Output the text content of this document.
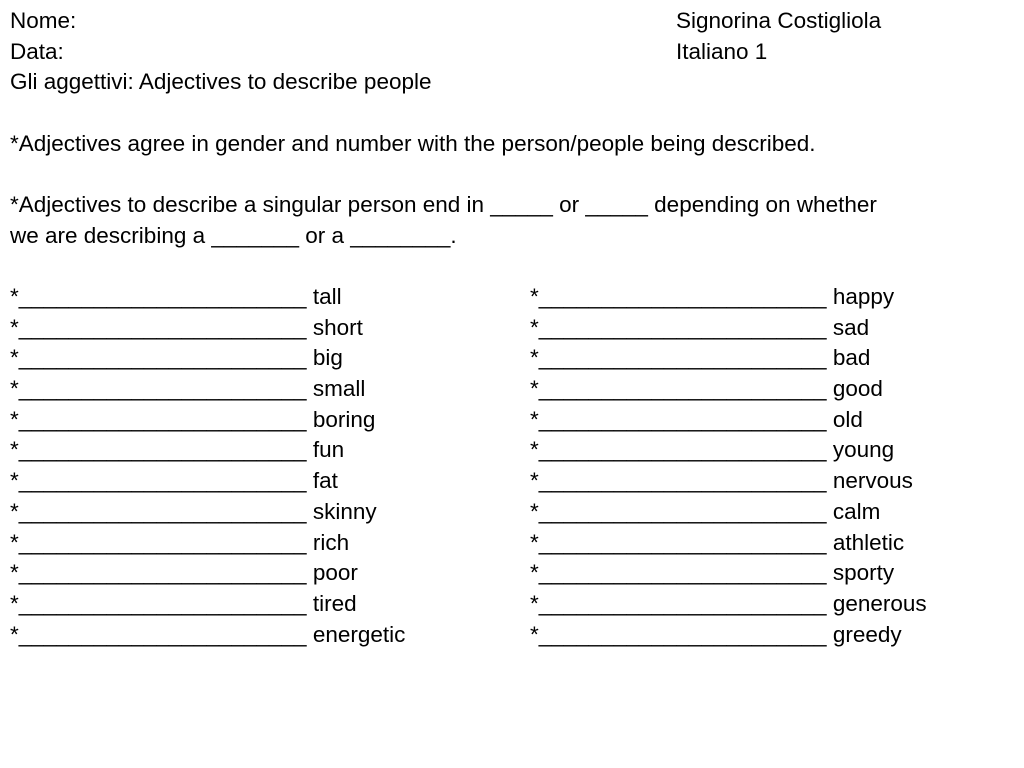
Nome:	Signorina Costigliola
Data:	Italiano 1
Gli aggettivi: Adjectives to describe people
*Adjectives agree in gender and number with the person/people being described.
*Adjectives to describe a singular person end in _____ or _____ depending on whether
we are describing a _______ or a ________.
*_______________________ tall
*_______________________ short
*_______________________ big
*_______________________ small
*_______________________ boring
*_______________________ fun
*_______________________ fat
*_______________________ skinny
*_______________________ rich
*_______________________ poor
*_______________________ tired
*_______________________ energetic
*_______________________ happy
*_______________________ sad
*_______________________ bad
*_______________________ good
*_______________________ old
*_______________________ young
*_______________________ nervous
*_______________________ calm
*_______________________ athletic
*_______________________ sporty
*_______________________ generous
*_______________________ greedy
